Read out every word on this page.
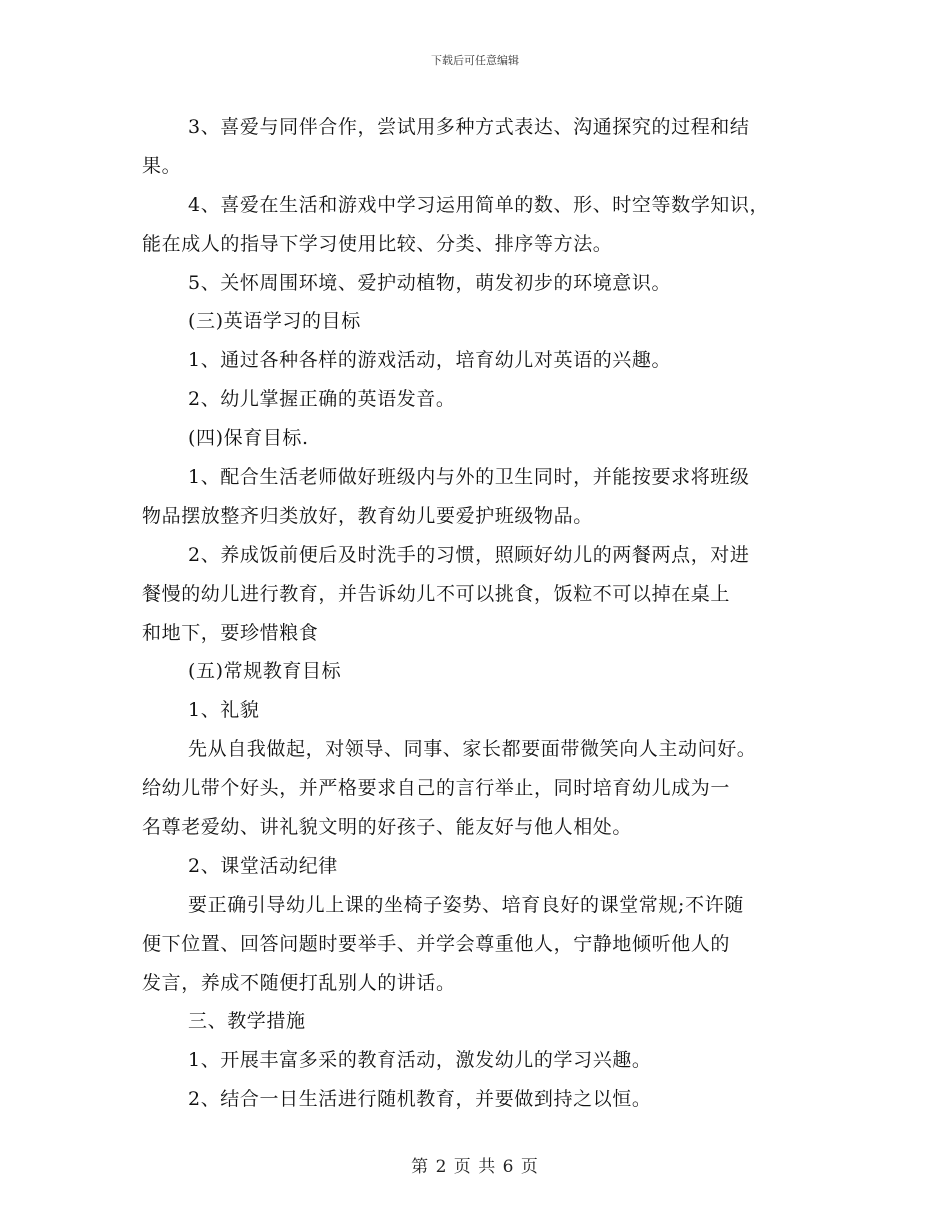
下载后可任意编辑
3、喜爱与同伴合作，尝试用多种方式表达、沟通探究的过程和结
果。
4、喜爱在生活和游戏中学习运用简单的数、形、时空等数学知识，
能在成人的指导下学习使用比较、分类、排序等方法。
5、关怀周围环境、爱护动植物，萌发初步的环境意识。
(三)英语学习的目标
1、通过各种各样的游戏活动，培育幼儿对英语的兴趣。
2、幼儿掌握正确的英语发音。
(四)保育目标.
1、配合生活老师做好班级内与外的卫生同时，并能按要求将班级
物品摆放整齐归类放好，教育幼儿要爱护班级物品。
2、养成饭前便后及时洗手的习惯，照顾好幼儿的两餐两点，对进
餐慢的幼儿进行教育，并告诉幼儿不可以挑食，饭粒不可以掉在桌上
和地下，要珍惜粮食
(五)常规教育目标
1、礼貌
先从自我做起，对领导、同事、家长都要面带微笑向人主动问好。
给幼儿带个好头，并严格要求自己的言行举止，同时培育幼儿成为一
名尊老爱幼、讲礼貌文明的好孩子、能友好与他人相处。
2、课堂活动纪律
要正确引导幼儿上课的坐椅子姿势、培育良好的课堂常规;不许随
便下位置、回答问题时要举手、并学会尊重他人，宁静地倾听他人的
发言，养成不随便打乱别人的讲话。
三、教学措施
1、开展丰富多采的教育活动，激发幼儿的学习兴趣。
2、结合一日生活进行随机教育，并要做到持之以恒。
第 2 页 共 6 页
